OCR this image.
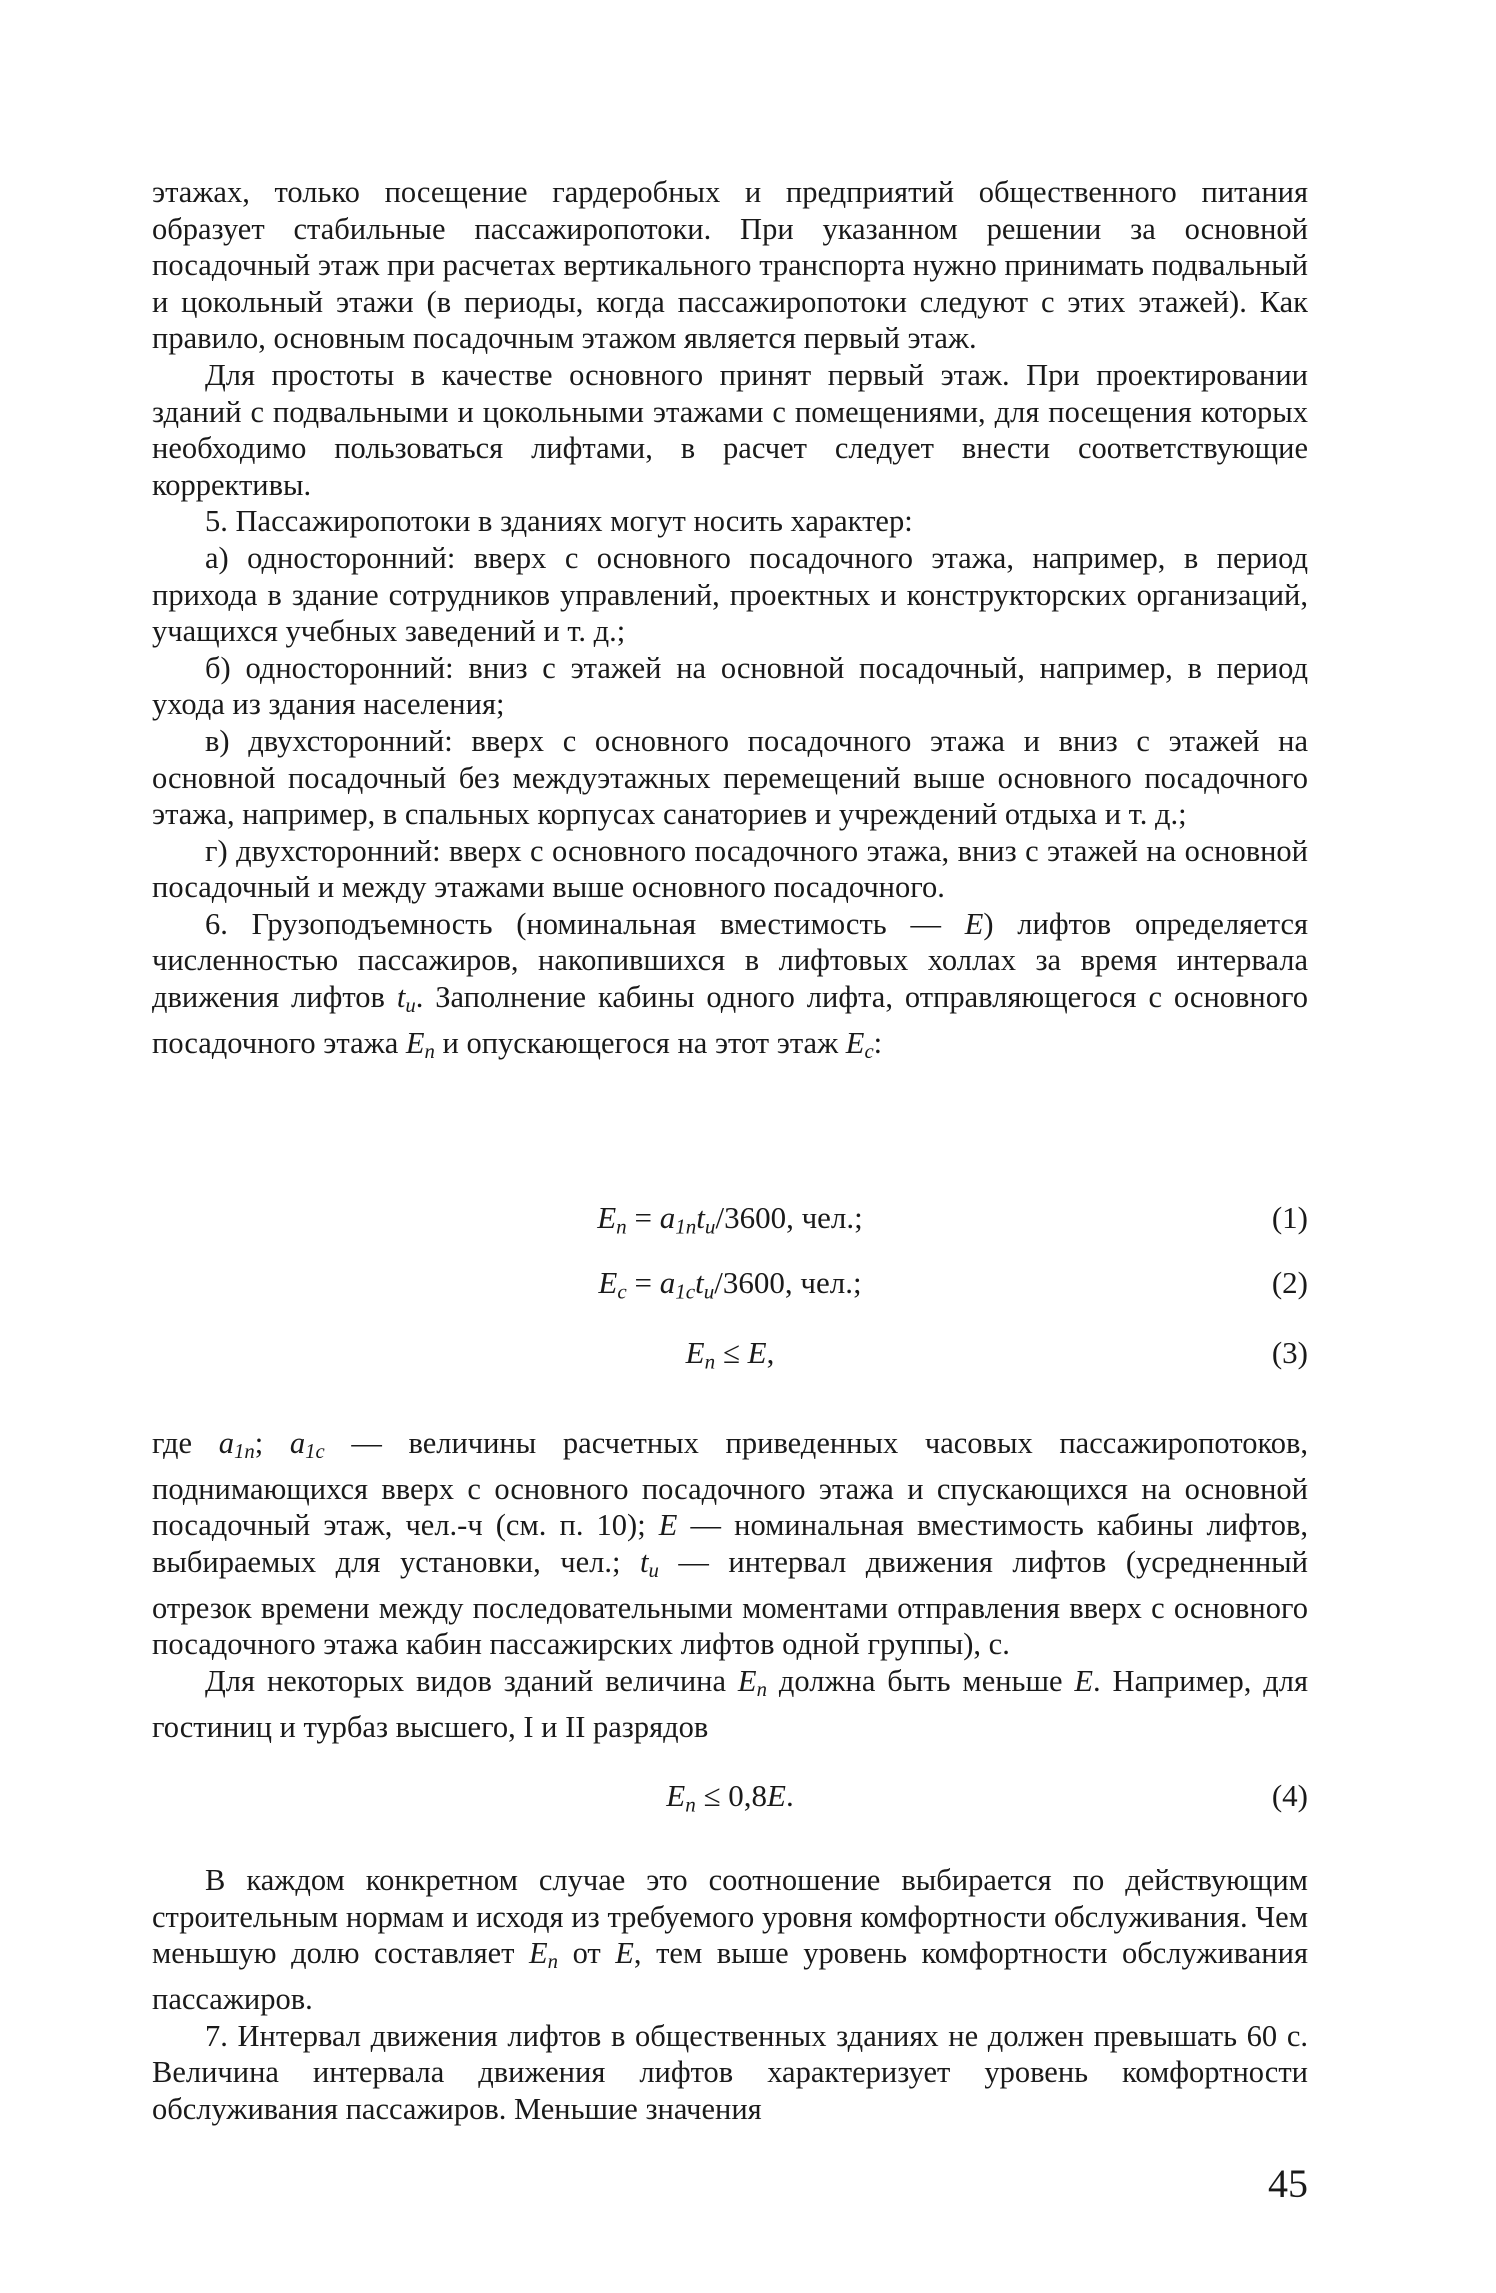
этажах, только посещение гардеробных и предприятий общественного питания образует стабильные пассажиропотоки. При указанном решении за основной посадочный этаж при расчетах вертикального транспорта нужно принимать подвальный и цокольный этажи (в периоды, когда пассажиропотоки следуют с этих этажей). Как правило, основным посадочным этажом является первый этаж.

Для простоты в качестве основного принят первый этаж. При проектировании зданий с подвальными и цокольными этажами с помещениями, для посещения которых необходимо пользоваться лифтами, в расчет следует внести соответствующие коррективы.

5. Пассажиропотоки в зданиях могут носить характер:

а) односторонний: вверх с основного посадочного этажа, например, в период прихода в здание сотрудников управлений, проектных и конструкторских организаций, учащихся учебных заведений и т. д.;

б) односторонний: вниз с этажей на основной посадочный, например, в период ухода из здания населения;

в) двухсторонний: вверх с основного посадочного этажа и вниз с этажей на основной посадочный без междуэтажных перемещений выше основного посадочного этажа, например, в спальных корпусах санаториев и учреждений отдыха и т. д.;

г) двухсторонний: вверх с основного посадочного этажа, вниз с этажей на основной посадочный и между этажами выше основного посадочного.

6. Грузоподъемность (номинальная вместимость — E) лифтов определяется численностью пассажиров, накопившихся в лифтовых холлах за время интервала движения лифтов $t_и$. Заполнение кабины одного лифта, отправляющегося с основного посадочного этажа $E_п$ и опускающегося на этот этаж $E_с$:

$E_п = a_{1п}t_и/3600$, чел.;	(1)
$E_с = a_{1с}t_и/3600$, чел.;	(2)
$E_п \le E$,	(3)

где $a_{1п}$; $a_{1с}$ — величины расчетных приведенных часовых пассажиропотоков, поднимающихся вверх с основного посадочного этажа и спускающихся на основной посадочный этаж, чел.-ч (см. п. 10); E — номинальная вместимость кабины лифтов, выбираемых для установки, чел.; $t_и$ — интервал движения лифтов (усредненный отрезок времени между последовательными моментами отправления вверх с основного посадочного этажа кабин пассажирских лифтов одной группы), с.

Для некоторых видов зданий величина $E_п$ должна быть меньше E. Например, для гостиниц и турбаз высшего, I и II разрядов

$E_п \le 0,8E$.	(4)

В каждом конкретном случае это соотношение выбирается по действующим строительным нормам и исходя из требуемого уровня комфортности обслуживания. Чем меньшую долю составляет $E_п$ от E, тем выше уровень комфортности обслуживания пассажиров.

7. Интервал движения лифтов в общественных зданиях не должен превышать 60 с. Величина интервала движения лифтов характеризует уровень комфортности обслуживания пассажиров. Меньшие значения

45
